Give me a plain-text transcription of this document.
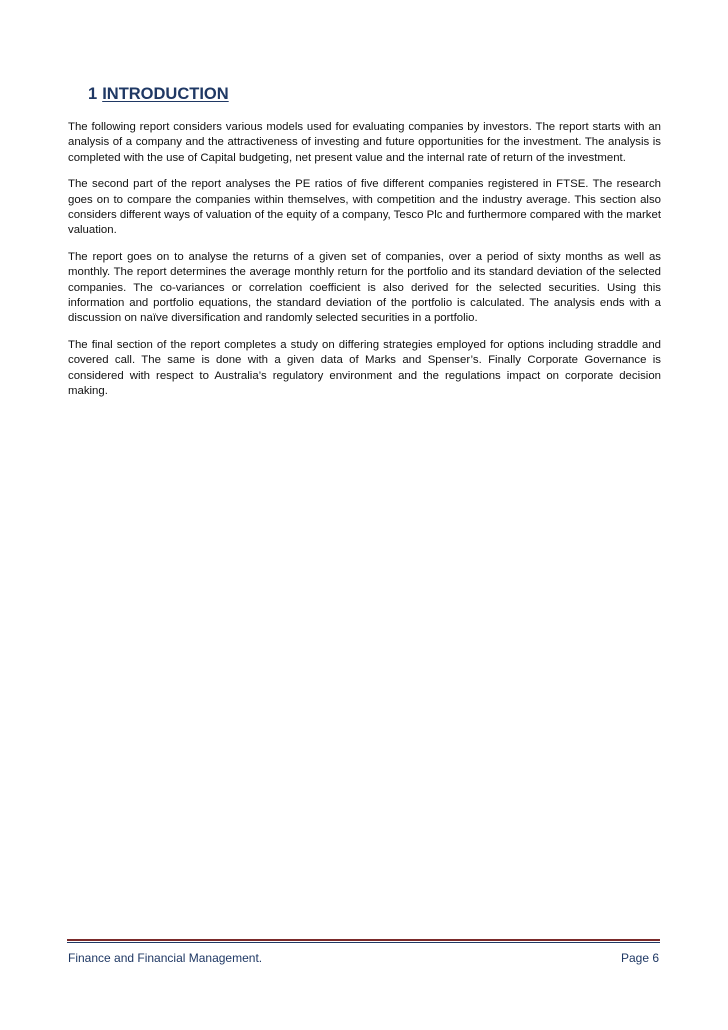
1 INTRODUCTION

The following report considers various models used for evaluating companies by investors. The report starts with an analysis of a company and the attractiveness of investing and future opportunities for the investment. The analysis is completed with the use of Capital budgeting, net present value and the internal rate of return of the investment.

The second part of the report analyses the PE ratios of five different companies registered in FTSE. The research goes on to compare the companies within themselves, with competition and the industry average. This section also considers different ways of valuation of the equity of a company, Tesco Plc and furthermore compared with the market valuation.

The report goes on to analyse the returns of a given set of companies, over a period of sixty months as well as monthly. The report determines the average monthly return for the portfolio and its standard deviation of the selected companies. The co-variances or correlation coefficient is also derived for the selected securities. Using this information and portfolio equations, the standard deviation of the portfolio is calculated. The analysis ends with a discussion on naïve diversification and randomly selected securities in a portfolio.

The final section of the report completes a study on differing strategies employed for options including straddle and covered call. The same is done with a given data of Marks and Spenser’s. Finally Corporate Governance is considered with respect to Australia’s regulatory environment and the regulations impact on corporate decision making.

Finance and Financial Management.	Page 6
